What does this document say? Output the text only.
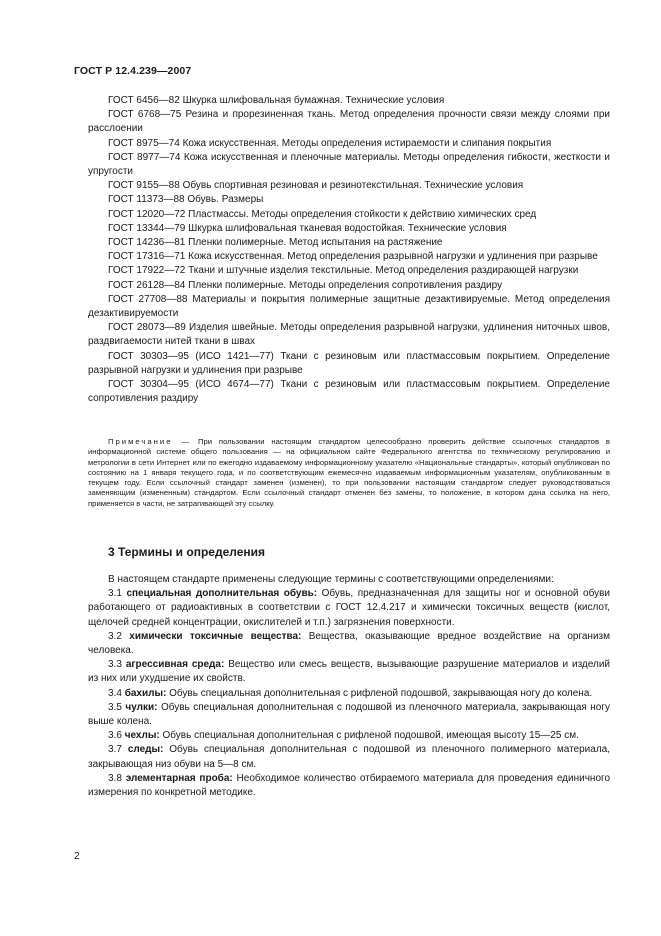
ГОСТ Р 12.4.239—2007

ГОСТ 6456—82 Шкурка шлифовальная бумажная. Технические условия

ГОСТ 6768—75 Резина и прорезиненная ткань. Метод определения прочности связи между слоями при расслоении

ГОСТ 8975—74 Кожа искусственная. Методы определения истираемости и слипания покрытия

ГОСТ 8977—74 Кожа искусственная и пленочные материалы. Методы определения гибкости, жесткости и упругости

ГОСТ 9155—88 Обувь спортивная резиновая и резинотекстильная. Технические условия

ГОСТ 11373—88 Обувь. Размеры

ГОСТ 12020—72 Пластмассы. Методы определения стойкости к действию химических сред

ГОСТ 13344—79 Шкурка шлифовальная тканевая водостойкая. Технические условия

ГОСТ 14236—81 Пленки полимерные. Метод испытания на растяжение

ГОСТ 17316—71 Кожа искусственная. Метод определения разрывной нагрузки и удлинения при разрыве

ГОСТ 17922—72 Ткани и штучные изделия текстильные. Метод определения раздирающей нагрузки

ГОСТ 26128—84 Пленки полимерные. Методы определения сопротивления раздиру

ГОСТ 27708—88 Материалы и покрытия полимерные защитные дезактивируемые. Метод определения дезактивируемости

ГОСТ 28073—89 Изделия швейные. Методы определения разрывной нагрузки, удлинения ниточных швов, раздвигаемости нитей ткани в швах

ГОСТ 30303—95 (ИСО 1421—77) Ткани с резиновым или пластмассовым покрытием. Определение разрывной нагрузки и удлинения при разрыве

ГОСТ 30304—95 (ИСО 4674—77) Ткани с резиновым или пластмассовым покрытием. Определение сопротивления раздиру

Примечание — При пользовании настоящим стандартом целесообразно проверить действие ссылочных стандартов в информационной системе общего пользования — на официальном сайте Федерального агентства по техническому регулированию и метрологии в сети Интернет или по ежегодно издаваемому информационному указателю «Национальные стандарты», который опубликован по состоянию на 1 января текущего года, и по соответствующим ежемесячно издаваемым информационным указателям, опубликованным в текущем году. Если ссылочный стандарт заменен (изменен), то при пользовании настоящим стандартом следует руководствоваться заменяющим (измененным) стандартом. Если ссылочный стандарт отменен без замены, то положение, в котором дана ссылка на него, применяется в части, не затрагивающей эту ссылку.

3 Термины и определения

В настоящем стандарте применены следующие термины с соответствующими определениями:

3.1 специальная дополнительная обувь: Обувь, предназначенная для защиты ног и основной обуви работающего от радиоактивных в соответствии с ГОСТ 12.4.217 и химически токсичных веществ (кислот, щелочей средней концентрации, окислителей и т.п.) загрязнения поверхности.

3.2 химически токсичные вещества: Вещества, оказывающие вредное воздействие на организм человека.

3.3 агрессивная среда: Вещество или смесь веществ, вызывающие разрушение материалов и изделий из них или ухудшение их свойств.

3.4 бахилы: Обувь специальная дополнительная с рифленой подошвой, закрывающая ногу до колена.

3.5 чулки: Обувь специальная дополнительная с подошвой из пленочного материала, закрывающая ногу выше колена.

3.6 чехлы: Обувь специальная дополнительная с рифленой подошвой, имеющая высоту 15—25 см.

3.7 следы: Обувь специальная дополнительная с подошвой из пленочного полимерного материала, закрывающая низ обуви на 5—8 см.

3.8 элементарная проба: Необходимое количество отбираемого материала для проведения единичного измерения по конкретной методике.

2
